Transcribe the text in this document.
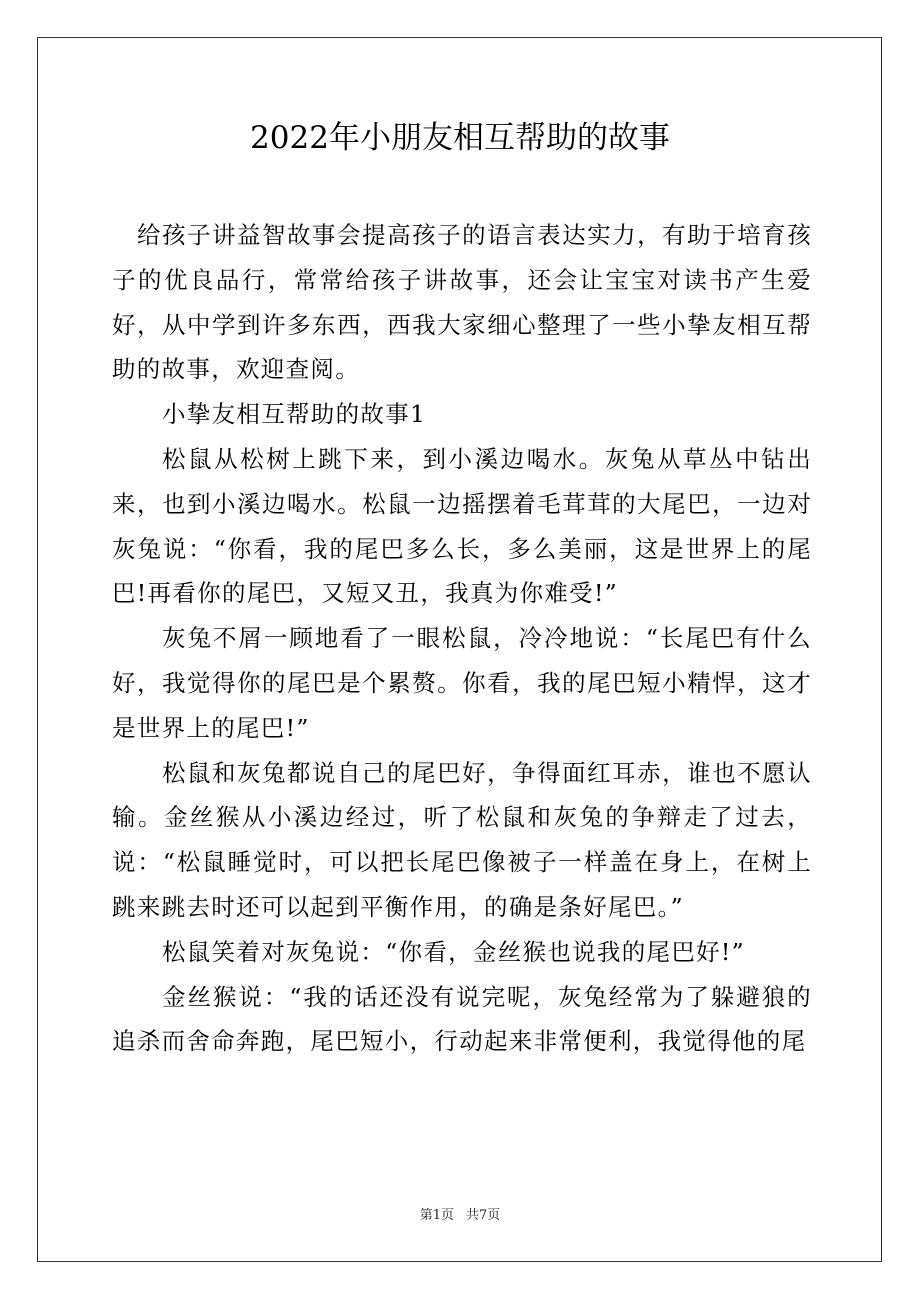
2022年小朋友相互帮助的故事

给孩子讲益智故事会提高孩子的语言表达实力，有助于培育孩子的优良品行，常常给孩子讲故事，还会让宝宝对读书产生爱好，从中学到许多东西，西我大家细心整理了一些小挚友相互帮助的故事，欢迎查阅。

小挚友相互帮助的故事1

松鼠从松树上跳下来，到小溪边喝水。灰兔从草丛中钻出来，也到小溪边喝水。松鼠一边摇摆着毛茸茸的大尾巴，一边对灰兔说：“你看，我的尾巴多么长，多么美丽，这是世界上的尾巴!再看你的尾巴，又短又丑，我真为你难受!”

灰兔不屑一顾地看了一眼松鼠，冷冷地说：“长尾巴有什么好，我觉得你的尾巴是个累赘。你看，我的尾巴短小精悍，这才是世界上的尾巴!”

松鼠和灰兔都说自己的尾巴好，争得面红耳赤，谁也不愿认输。金丝猴从小溪边经过，听了松鼠和灰兔的争辩走了过去，说：“松鼠睡觉时，可以把长尾巴像被子一样盖在身上，在树上跳来跳去时还可以起到平衡作用，的确是条好尾巴。”

松鼠笑着对灰兔说：“你看，金丝猴也说我的尾巴好!”

金丝猴说：“我的话还没有说完呢，灰兔经常为了躲避狼的追杀而舍命奔跑，尾巴短小，行动起来非常便利，我觉得他的尾

第1页 共7页
